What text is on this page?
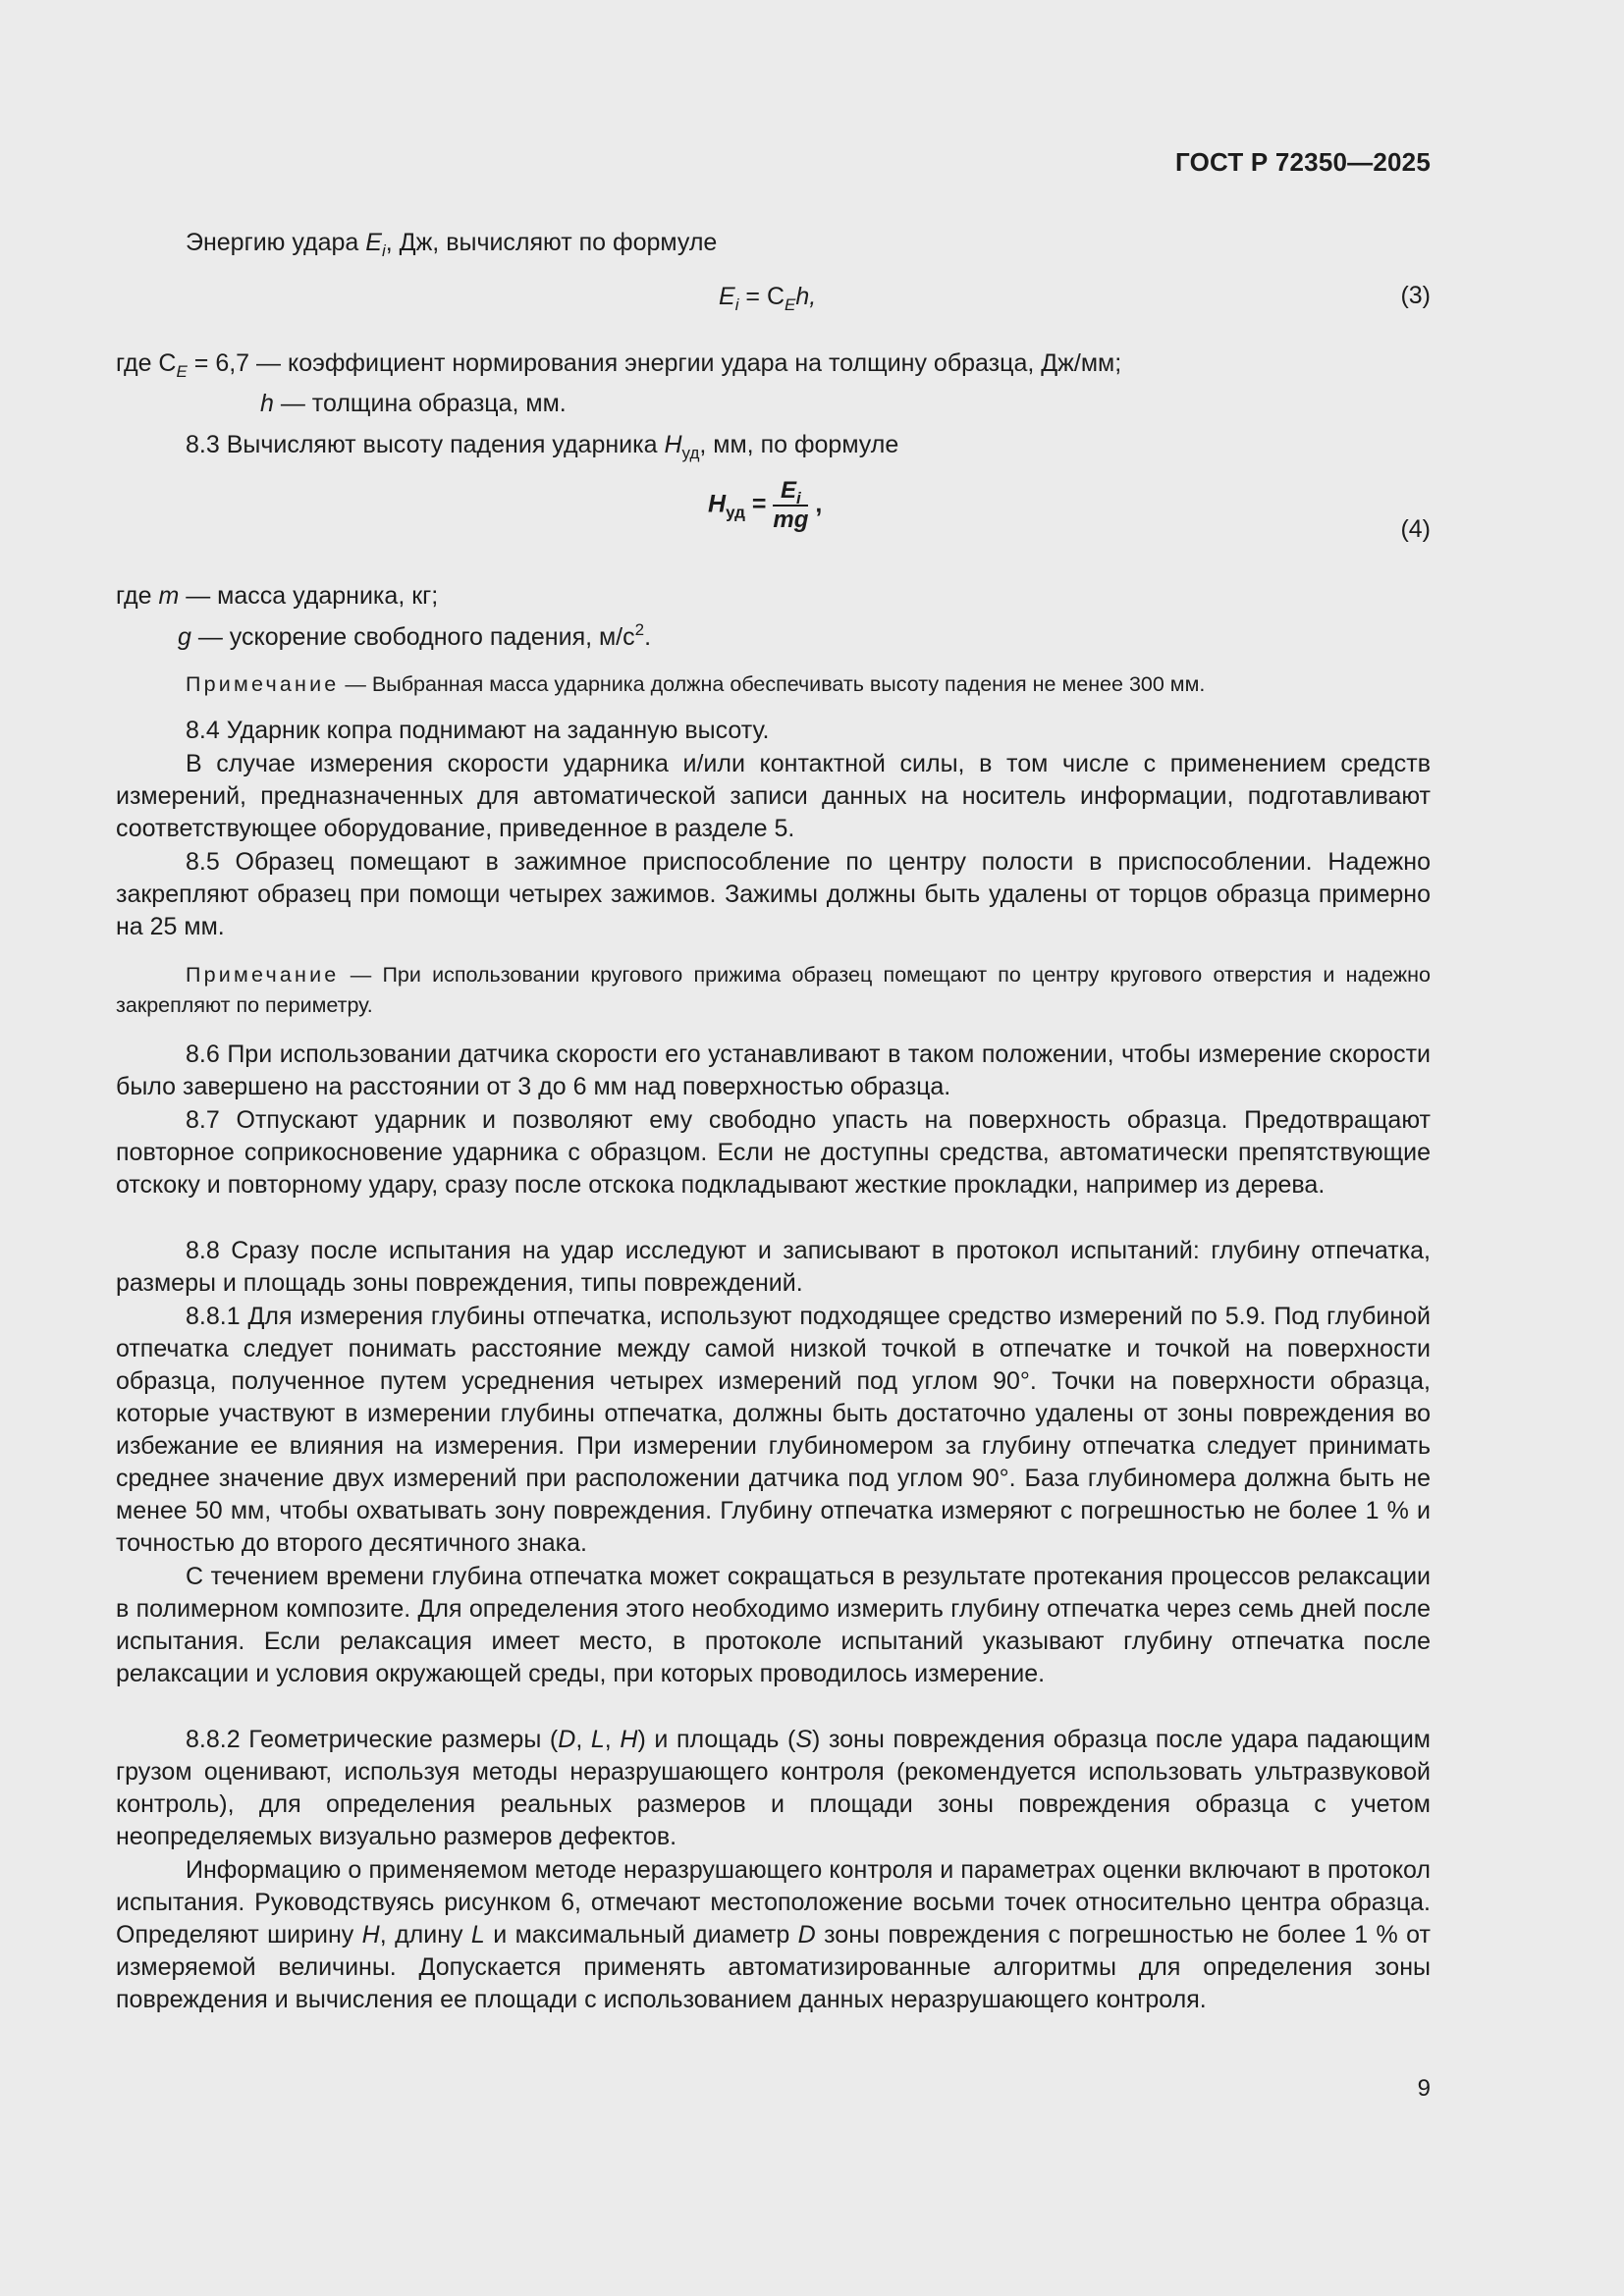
ГОСТ Р 72350—2025
Энергию удара $E_i$, Дж, вычисляют по формуле
$E_i = C_Eh$,	(3)
где $C_E = 6,7$ — коэффициент нормирования энергии удара на толщину образца, Дж/мм;
h — толщина образца, мм.
8.3 Вычисляют высоту падения ударника $H_{уд}$, мм, по формуле
$H_{уд} = \frac{E_i}{mg}$ ,
(4)
где m — масса ударника, кг;
g — ускорение свободного падения, $м/с^2$.
Примечание — Выбранная масса ударника должна обеспечивать высоту падения не менее 300 мм.
8.4 Ударник копра поднимают на заданную высоту.
В случае измерения скорости ударника и/или контактной силы, в том числе с применением средств измерений, предназначенных для автоматической записи данных на носитель информации, подготавливают соответствующее оборудование, приведенное в разделе 5.
8.5 Образец помещают в зажимное приспособление по центру полости в приспособлении. Надежно закрепляют образец при помощи четырех зажимов. Зажимы должны быть удалены от торцов образца примерно на 25 мм.
Примечание — При использовании кругового прижима образец помещают по центру кругового отверстия и надежно закрепляют по периметру.
8.6 При использовании датчика скорости его устанавливают в таком положении, чтобы измерение скорости было завершено на расстоянии от 3 до 6 мм над поверхностью образца.
8.7 Отпускают ударник и позволяют ему свободно упасть на поверхность образца. Предотвращают повторное соприкосновение ударника с образцом. Если не доступны средства, автоматически препятствующие отскоку и повторному удару, сразу после отскока подкладывают жесткие прокладки, например из дерева.
8.8 Сразу после испытания на удар исследуют и записывают в протокол испытаний: глубину отпечатка, размеры и площадь зоны повреждения, типы повреждений.
8.8.1 Для измерения глубины отпечатка, используют подходящее средство измерений по 5.9. Под глубиной отпечатка следует понимать расстояние между самой низкой точкой в отпечатке и точкой на поверхности образца, полученное путем усреднения четырех измерений под углом 90°. Точки на поверхности образца, которые участвуют в измерении глубины отпечатка, должны быть достаточно удалены от зоны повреждения во избежание ее влияния на измерения. При измерении глубиномером за глубину отпечатка следует принимать среднее значение двух измерений при расположении датчика под углом 90°. База глубиномера должна быть не менее 50 мм, чтобы охватывать зону повреждения. Глубину отпечатка измеряют с погрешностью не более 1 % и точностью до второго десятичного знака.
С течением времени глубина отпечатка может сокращаться в результате протекания процессов релаксации в полимерном композите. Для определения этого необходимо измерить глубину отпечатка через семь дней после испытания. Если релаксация имеет место, в протоколе испытаний указывают глубину отпечатка после релаксации и условия окружающей среды, при которых проводилось измерение.
8.8.2 Геометрические размеры (D, L, H) и площадь (S) зоны повреждения образца после удара падающим грузом оценивают, используя методы неразрушающего контроля (рекомендуется использовать ультразвуковой контроль), для определения реальных размеров и площади зоны повреждения образца с учетом неопределяемых визуально размеров дефектов.
Информацию о применяемом методе неразрушающего контроля и параметрах оценки включают в протокол испытания. Руководствуясь рисунком 6, отмечают местоположение восьми точек относительно центра образца. Определяют ширину H, длину L и максимальный диаметр D зоны повреждения с погрешностью не более 1 % от измеряемой величины. Допускается применять автоматизированные алгоритмы для определения зоны повреждения и вычисления ее площади с использованием данных неразрушающего контроля.
9
